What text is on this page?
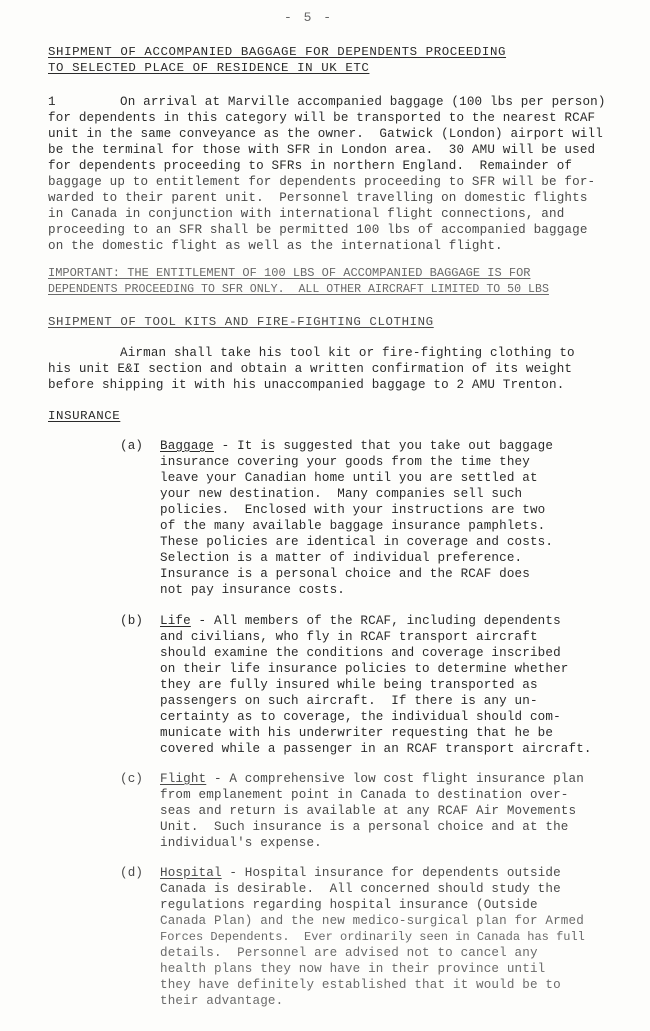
- 5 -
SHIPMENT OF ACCOMPANIED BAGGAGE FOR DEPENDENTS PROCEEDING
TO SELECTED PLACE OF RESIDENCE IN UK ETC
1	On arrival at Marville accompanied baggage (100 lbs per person)
for dependents in this category will be transported to the nearest RCAF
unit in the same conveyance as the owner.  Gatwick (London) airport will
be the terminal for those with SFR in London area.  30 AMU will be used
for dependents proceeding to SFRs in northern England.  Remainder of
baggage up to entitlement for dependents proceeding to SFR will be for-
warded to their parent unit.  Personnel travelling on domestic flights
in Canada in conjunction with international flight connections, and
proceeding to an SFR shall be permitted 100 lbs of accompanied baggage
on the domestic flight as well as the international flight.
IMPORTANT: THE ENTITLEMENT OF 100 LBS OF ACCOMPANIED BAGGAGE IS FOR
DEPENDENTS PROCEEDING TO SFR ONLY.  ALL OTHER AIRCRAFT LIMITED TO 50 LBS
SHIPMENT OF TOOL KITS AND FIRE-FIGHTING CLOTHING
Airman shall take his tool kit or fire-fighting clothing to
his unit E&I section and obtain a written confirmation of its weight
before shipping it with his unaccompanied baggage to 2 AMU Trenton.
INSURANCE
(a) Baggage - It is suggested that you take out baggage
insurance covering your goods from the time they
leave your Canadian home until you are settled at
your new destination.  Many companies sell such
policies.  Enclosed with your instructions are two
of the many available baggage insurance pamphlets.
These policies are identical in coverage and costs.
Selection is a matter of individual preference.
Insurance is a personal choice and the RCAF does
not pay insurance costs.
(b) Life - All members of the RCAF, including dependents
and civilians, who fly in RCAF transport aircraft
should examine the conditions and coverage inscribed
on their life insurance policies to determine whether
they are fully insured while being transported as
passengers on such aircraft.  If there is any un-
certainty as to coverage, the individual should com-
municate with his underwriter requesting that he be
covered while a passenger in an RCAF transport aircraft.
(c) Flight - A comprehensive low cost flight insurance plan
from emplanement point in Canada to destination over-
seas and return is available at any RCAF Air Movements
Unit.  Such insurance is a personal choice and at the
individual's expense.
(d) Hospital - Hospital insurance for dependents outside
Canada is desirable.  All concerned should study the
regulations regarding hospital insurance (Outside
Canada Plan) and the new medico-surgical plan for Armed
Forces Dependents.  Ever ordinarily seen in Canada has full
details.  Personnel are advised not to cancel any
health plans they now have in their province until
they have definitely established that it would be to
their advantage.
